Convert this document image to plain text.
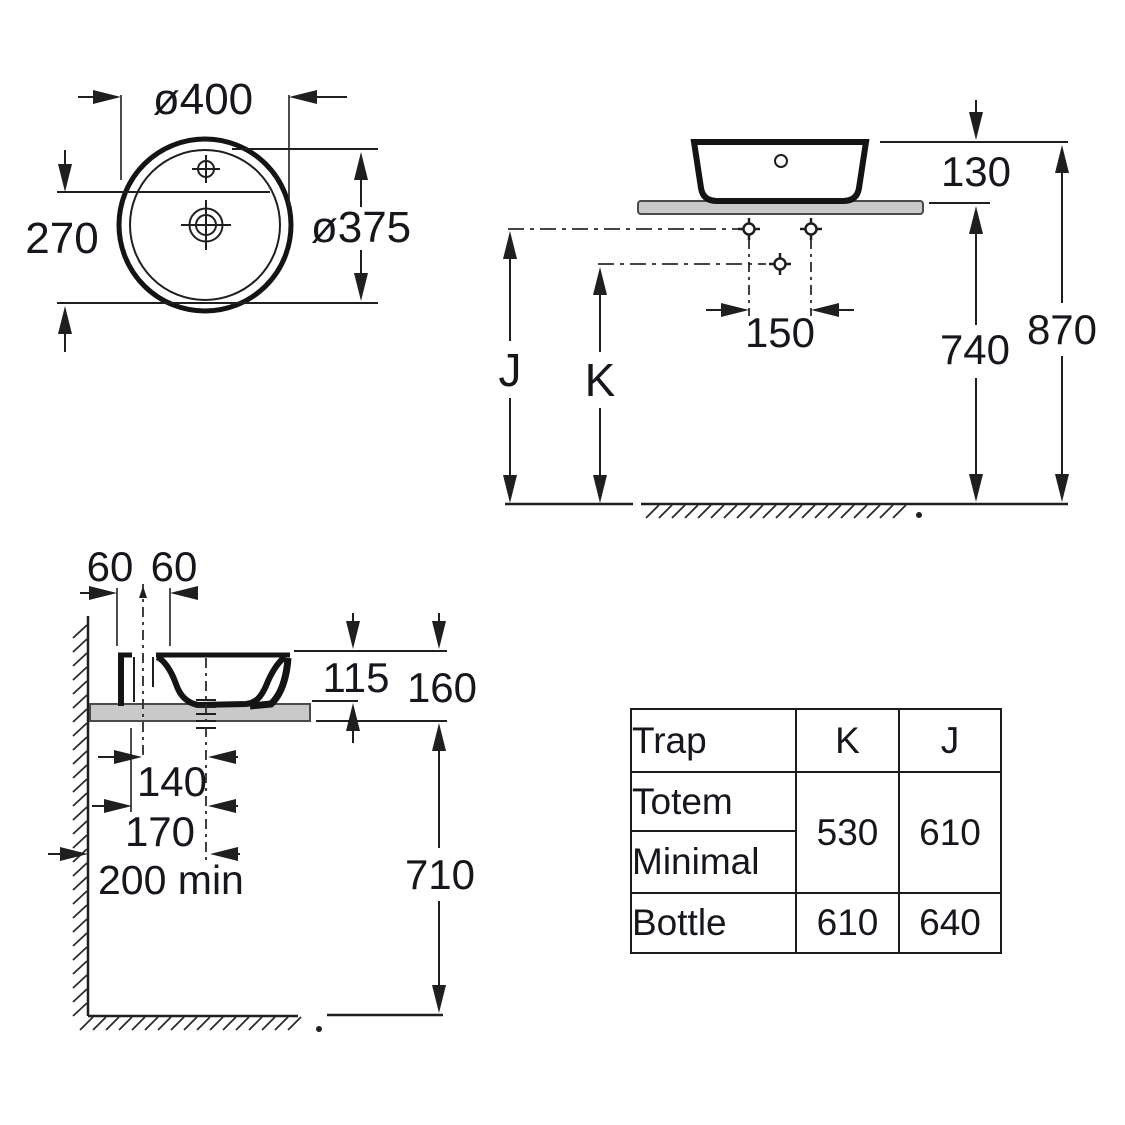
ø400
270	ø375
130
740 870
150
J K
60 60
115 160
710
140
170
200 min
Trap	K	J
Totem	530	610
Minimal		
Bottle	610	640
